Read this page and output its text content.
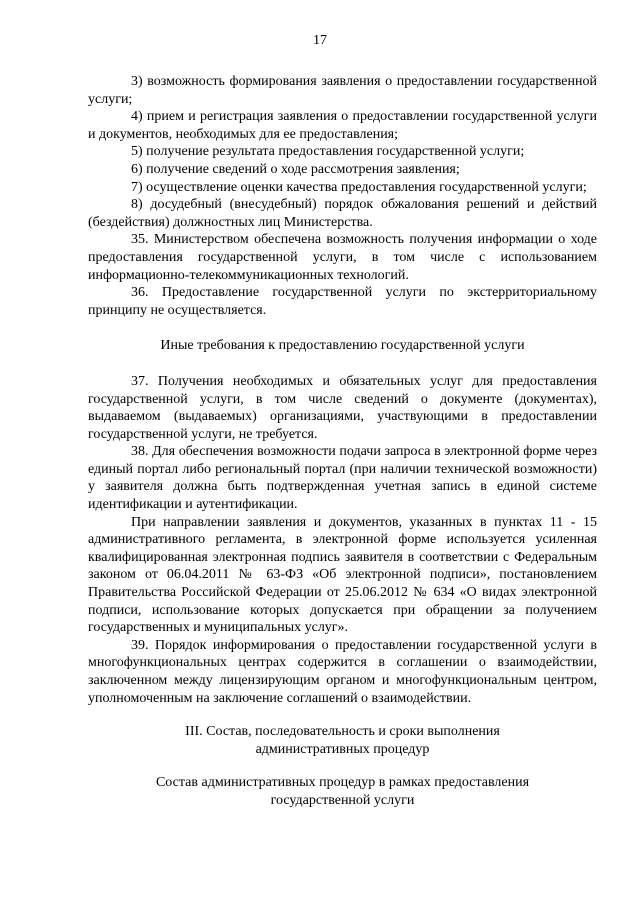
17

3) возможность формирования заявления о предоставлении государственной услуги;

4) прием и регистрация заявления о предоставлении государственной услуги и документов, необходимых для ее предоставления;

5) получение результата предоставления государственной услуги;

6) получение сведений о ходе рассмотрения заявления;

7) осуществление оценки качества предоставления государственной услуги;

8) досудебный (внесудебный) порядок обжалования решений и действий (бездействия) должностных лиц Министерства.

35. Министерством обеспечена возможность получения информации о ходе предоставления государственной услуги, в том числе с использованием информационно-телекоммуникационных технологий.

36. Предоставление государственной услуги по экстерриториальному принципу не осуществляется.

Иные требования к предоставлению государственной услуги

37. Получения необходимых и обязательных услуг для предоставления государственной услуги, в том числе сведений о документе (документах), выдаваемом (выдаваемых) организациями, участвующими в предоставлении государственной услуги, не требуется.

38. Для обеспечения возможности подачи запроса в электронной форме через единый портал либо региональный портал (при наличии технической возможности) у заявителя должна быть подтвержденная учетная запись в единой системе идентификации и аутентификации.

При направлении заявления и документов, указанных в пунктах 11 - 15 административного регламента, в электронной форме используется усиленная квалифицированная электронная подпись заявителя в соответствии с Федеральным законом от 06.04.2011 № 63-ФЗ «Об электронной подписи», постановлением Правительства Российской Федерации от 25.06.2012 № 634 «О видах электронной подписи, использование которых допускается при обращении за получением государственных и муниципальных услуг».

39. Порядок информирования о предоставлении государственной услуги в многофункциональных центрах содержится в соглашении о взаимодействии, заключенном между лицензирующим органом и многофункциональным центром, уполномоченным на заключение соглашений о взаимодействии.

III. Состав, последовательность и сроки выполнения

административных процедур

Состав административных процедур в рамках предоставления

государственной услуги
